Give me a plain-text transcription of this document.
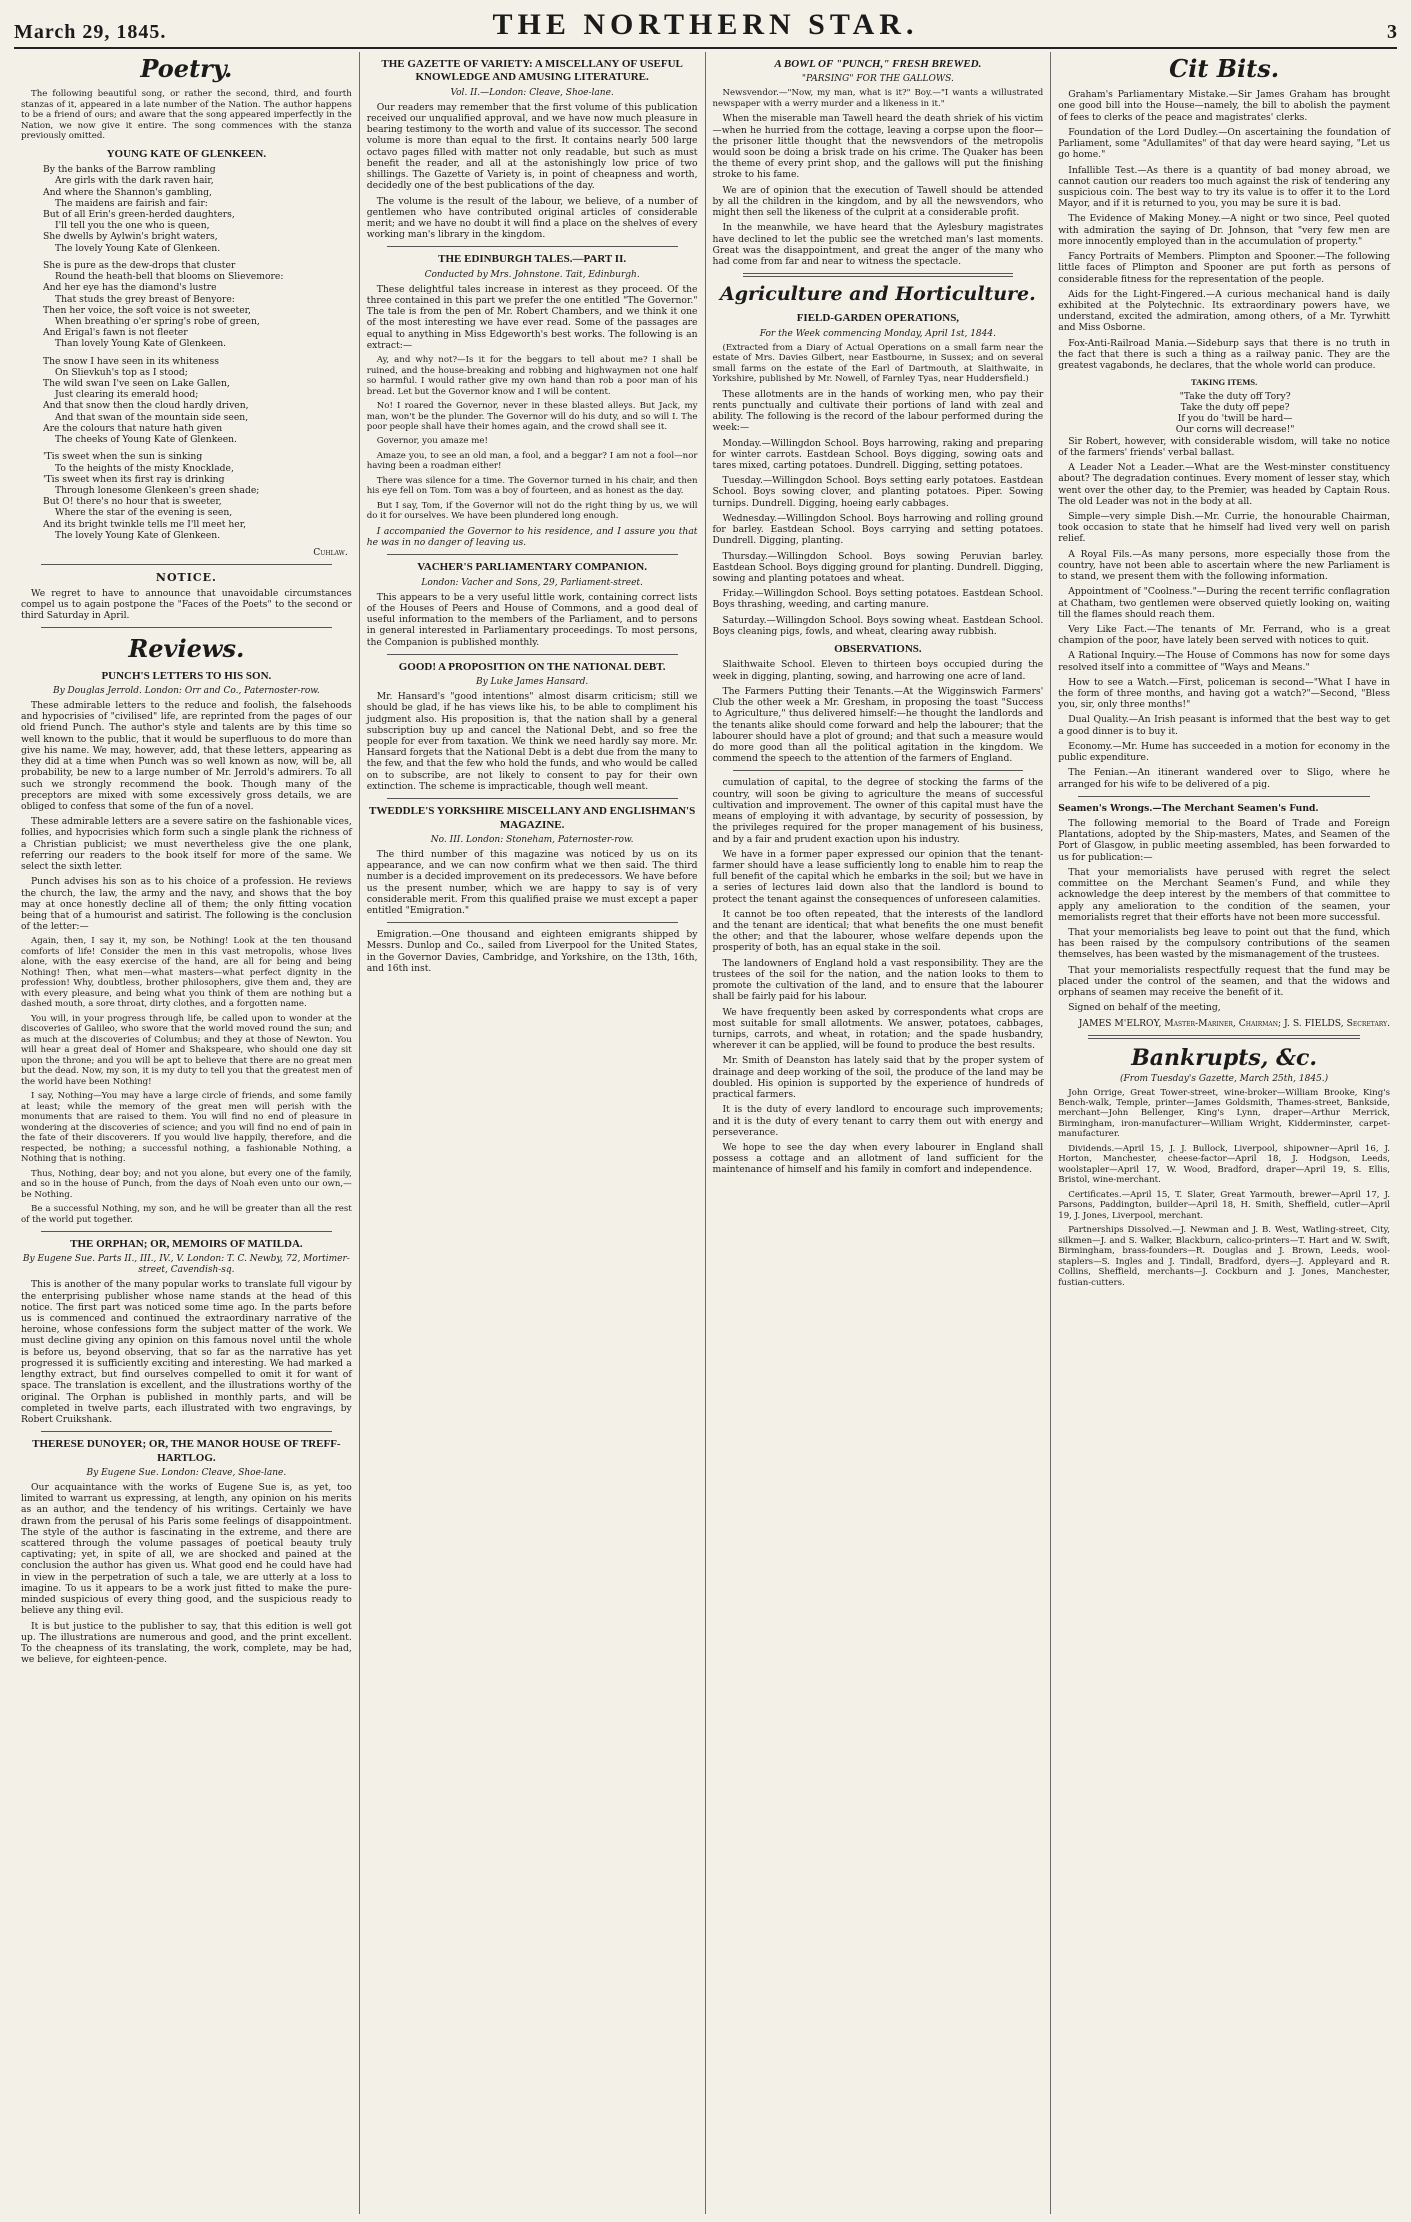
March 29, 1845.	THE NORTHERN STAR.	3
Poetry.

The following beautiful song, or rather the second, third, and fourth stanzas of it, appeared in a late number of the Nation. The author happens to be a friend of ours; and aware that the song appeared imperfectly in the Nation, we now give it entire. The song commences with the stanza previously omitted.

YOUNG KATE OF GLENKEEN.

By the banks of the Barrow rambling

Are girls with the dark raven hair,

And where the Shannon's gambling,

The maidens are fairish and fair:

But of all Erin's green-herded daughters,

I'll tell you the one who is queen,

She dwells by Aylwin's bright waters,

The lovely Young Kate of Glenkeen.

She is pure as the dew-drops that cluster

Round the heath-bell that blooms on Slievemore:

And her eye has the diamond's lustre

That studs the grey breast of Benyore:

Then her voice, the soft voice is not sweeter,

When breathing o'er spring's robe of green,

And Erigal's fawn is not fleeter

Than lovely Young Kate of Glenkeen.

The snow I have seen in its whiteness

On Slievkuh's top as I stood;

The wild swan I've seen on Lake Gallen,

Just clearing its emerald hood;

And that snow then the cloud hardly driven,

And that swan of the mountain side seen,

Are the colours that nature hath given

The cheeks of Young Kate of Glenkeen.

'Tis sweet when the sun is sinking

To the heights of the misty Knocklade,

'Tis sweet when its first ray is drinking

Through lonesome Glenkeen's green shade;

But O! there's no hour that is sweeter,

Where the star of the evening is seen,

And its bright twinkle tells me I'll meet her,

The lovely Young Kate of Glenkeen.

Cuhlaw.
NOTICE.

We regret to have to announce that unavoidable circumstances compel us to again postpone the "Faces of the Poets" to the second or third Saturday in April.

Reviews.
PUNCH'S LETTERS TO HIS SON.
By Douglas Jerrold. London: Orr and Co., Paternoster-row.

These admirable letters to the reduce and foolish, the falsehoods and hypocrisies of "civilised" life, are reprinted from the pages of our old friend Punch. The author's style and talents are by this time so well known to the public, that it would be superfluous to do more than give his name. We may, however, add, that these letters, appearing as they did at a time when Punch was so well known as now, will be, all probability, be new to a large number of Mr. Jerrold's admirers. To all such we strongly recommend the book. Though many of the preceptors are mixed with some excessively gross details, we are obliged to confess that some of the fun of a novel.

These admirable letters are a severe satire on the fashionable vices, follies, and hypocrisies which form such a single plank the richness of a Christian publicist; we must nevertheless give the one plank, referring our readers to the book itself for more of the same. We select the sixth letter.

Punch advises his son as to his choice of a profession. He reviews the church, the law, the army and the navy, and shows that the boy may at once honestly decline all of them; the only fitting vocation being that of a humourist and satirist. The following is the conclusion of the letter:—

Again, then, I say it, my son, be Nothing! Look at the ten thousand comforts of life! Consider the men in this vast metropolis, whose lives alone, with the easy exercise of the hand, are all for being and being Nothing! Then, what men—what masters—what perfect dignity in the profession! Why, doubtless, brother philosophers, give them and, they are with every pleasure, and being what you think of them are nothing but a dashed mouth, a sore throat, dirty clothes, and a forgotten name.

You will, in your progress through life, be called upon to wonder at the discoveries of Galileo, who swore that the world moved round the sun; and as much at the discoveries of Columbus; and they at those of Newton. You will hear a great deal of Homer and Shakspeare, who should one day sit upon the throne; and you will be apt to believe that there are no great men but the dead. Now, my son, it is my duty to tell you that the greatest men of the world have been Nothing!

I say, Nothing—You may have a large circle of friends, and some family at least; while the memory of the great men will perish with the monuments that are raised to them. You will find no end of pleasure in wondering at the discoveries of science; and you will find no end of pain in the fate of their discoverers. If you would live happily, therefore, and die respected, be nothing; a successful nothing, a fashionable Nothing, a Nothing that is nothing.

Thus, Nothing, dear boy; and not you alone, but every one of the family, and so in the house of Punch, from the days of Noah even unto our own,—be Nothing.

Be a successful Nothing, my son, and he will be greater than all the rest of the world put together.

THE ORPHAN; OR, MEMOIRS OF MATILDA.
By Eugene Sue. Parts II., III., IV., V. London: T. C. Newby, 72, Mortimer-street, Cavendish-sq.

This is another of the many popular works to translate full vigour by the enterprising publisher whose name stands at the head of this notice. The first part was noticed some time ago. In the parts before us is commenced and continued the extraordinary narrative of the heroine, whose confessions form the subject matter of the work. We must decline giving any opinion on this famous novel until the whole is before us, beyond observing, that so far as the narrative has yet progressed it is sufficiently exciting and interesting. We had marked a lengthy extract, but find ourselves compelled to omit it for want of space. The translation is excellent, and the illustrations worthy of the original. The Orphan is published in monthly parts, and will be completed in twelve parts, each illustrated with two engravings, by Robert Cruikshank.

THERESE DUNOYER; OR, THE MANOR HOUSE OF TREFF-HARTLOG.
By Eugene Sue. London: Cleave, Shoe-lane.

Our acquaintance with the works of Eugene Sue is, as yet, too limited to warrant us expressing, at length, any opinion on his merits as an author, and the tendency of his writings. Certainly we have drawn from the perusal of his Paris some feelings of disappointment. The style of the author is fascinating in the extreme, and there are scattered through the volume passages of poetical beauty truly captivating; yet, in spite of all, we are shocked and pained at the conclusion the author has given us. What good end he could have had in view in the perpetration of such a tale, we are utterly at a loss to imagine. To us it appears to be a work just fitted to make the pure-minded suspicious of every thing good, and the suspicious ready to believe any thing evil.

It is but justice to the publisher to say, that this edition is well got up. The illustrations are numerous and good, and the print excellent. To the cheapness of its translating, the work, complete, may be had, we believe, for eighteen-pence.

THE GAZETTE OF VARIETY: A MISCELLANY OF USEFUL KNOWLEDGE AND AMUSING LITERATURE.
Vol. II.—London: Cleave, Shoe-lane.

Our readers may remember that the first volume of this publication received our unqualified approval, and we have now much pleasure in bearing testimony to the worth and value of its successor. The second volume is more than equal to the first. It contains nearly 500 large octavo pages filled with matter not only readable, but such as must benefit the reader, and all at the astonishingly low price of two shillings. The Gazette of Variety is, in point of cheapness and worth, decidedly one of the best publications of the day.

The volume is the result of the labour, we believe, of a number of gentlemen who have contributed original articles of considerable merit; and we have no doubt it will find a place on the shelves of every working man's library in the kingdom.

THE EDINBURGH TALES.—PART II.
Conducted by Mrs. Johnstone. Tait, Edinburgh.

These delightful tales increase in interest as they proceed. Of the three contained in this part we prefer the one entitled "The Governor." The tale is from the pen of Mr. Robert Chambers, and we think it one of the most interesting we have ever read. Some of the passages are equal to anything in Miss Edgeworth's best works. The following is an extract:—

Ay, and why not?—Is it for the beggars to tell about me? I shall be ruined, and the house-breaking and robbing and highwaymen not one half so harmful. I would rather give my own hand than rob a poor man of his bread. Let but the Governor know and I will be content.

No! I roared the Governor, never in these blasted alleys. But Jack, my man, won't be the plunder. The Governor will do his duty, and so will I. The poor people shall have their homes again, and the crowd shall see it.

Governor, you amaze me!

Amaze you, to see an old man, a fool, and a beggar? I am not a fool—nor having been a roadman either!

There was silence for a time. The Governor turned in his chair, and then his eye fell on Tom. Tom was a boy of fourteen, and as honest as the day.

But I say, Tom, if the Governor will not do the right thing by us, we will do it for ourselves. We have been plundered long enough.

I accompanied the Governor to his residence, and I assure you that he was in no danger of leaving us.

VACHER'S PARLIAMENTARY COMPANION.
London: Vacher and Sons, 29, Parliament-street.

This appears to be a very useful little work, containing correct lists of the Houses of Peers and House of Commons, and a good deal of useful information to the members of the Parliament, and to persons in general interested in Parliamentary proceedings. To most persons, the Companion is published monthly.

GOOD! A PROPOSITION ON THE NATIONAL DEBT.
By Luke James Hansard.

Mr. Hansard's "good intentions" almost disarm criticism; still we should be glad, if he has views like his, to be able to compliment his judgment also. His proposition is, that the nation shall by a general subscription buy up and cancel the National Debt, and so free the people for ever from taxation. We think we need hardly say more. Mr. Hansard forgets that the National Debt is a debt due from the many to the few, and that the few who hold the funds, and who would be called on to subscribe, are not likely to consent to pay for their own extinction. The scheme is impracticable, though well meant.

TWEDDLE'S YORKSHIRE MISCELLANY AND ENGLISHMAN'S MAGAZINE.
No. III. London: Stoneham, Paternoster-row.

The third number of this magazine was noticed by us on its appearance, and we can now confirm what we then said. The third number is a decided improvement on its predecessors. We have before us the present number, which we are happy to say is of very considerable merit. From this qualified praise we must except a paper entitled "Emigration."

Emigration.—One thousand and eighteen emigrants shipped by Messrs. Dunlop and Co., sailed from Liverpool for the United States, in the Governor Davies, Cambridge, and Yorkshire, on the 13th, 16th, and 16th inst.

A BOWL OF "PUNCH," FRESH BREWED.
"PARSING" FOR THE GALLOWS.

Newsvendor.—"Now, my man, what is it?" Boy.—"I wants a willustrated newspaper with a werry murder and a likeness in it."

When the miserable man Tawell heard the death shriek of his victim—when he hurried from the cottage, leaving a corpse upon the floor—the prisoner little thought that the newsvendors of the metropolis would soon be doing a brisk trade on his crime. The Quaker has been the theme of every print shop, and the gallows will put the finishing stroke to his fame.

We are of opinion that the execution of Tawell should be attended by all the children in the kingdom, and by all the newsvendors, who might then sell the likeness of the culprit at a considerable profit.

In the meanwhile, we have heard that the Aylesbury magistrates have declined to let the public see the wretched man's last moments. Great was the disappointment, and great the anger of the many who had come from far and near to witness the spectacle.

Agriculture and Horticulture.
FIELD-GARDEN OPERATIONS,
For the Week commencing Monday, April 1st, 1844.

(Extracted from a Diary of Actual Operations on a small farm near the estate of Mrs. Davies Gilbert, near Eastbourne, in Sussex; and on several small farms on the estate of the Earl of Dartmouth, at Slaithwaite, in Yorkshire, published by Mr. Nowell, of Farnley Tyas, near Huddersfield.)

These allotments are in the hands of working men, who pay their rents punctually and cultivate their portions of land with zeal and ability. The following is the record of the labour performed during the week:—

Monday.—Willingdon School. Boys harrowing, raking and preparing for winter carrots. Eastdean School. Boys digging, sowing oats and tares mixed, carting potatoes. Dundrell. Digging, setting potatoes.

Tuesday.—Willingdon School. Boys setting early potatoes. Eastdean School. Boys sowing clover, and planting potatoes. Piper. Sowing turnips. Dundrell. Digging, hoeing early cabbages.

Wednesday.—Willingdon School. Boys harrowing and rolling ground for barley. Eastdean School. Boys carrying and setting potatoes. Dundrell. Digging, planting.

Thursday.—Willingdon School. Boys sowing Peruvian barley. Eastdean School. Boys digging ground for planting. Dundrell. Digging, sowing and planting potatoes and wheat.

Friday.—Willingdon School. Boys setting potatoes. Eastdean School. Boys thrashing, weeding, and carting manure.

Saturday.—Willingdon School. Boys sowing wheat. Eastdean School. Boys cleaning pigs, fowls, and wheat, clearing away rubbish.

OBSERVATIONS.

Slaithwaite School. Eleven to thirteen boys occupied during the week in digging, planting, sowing, and harrowing one acre of land.

The Farmers Putting their Tenants.—At the Wigginswich Farmers' Club the other week a Mr. Gresham, in proposing the toast "Success to Agriculture," thus delivered himself:—he thought the landlords and the tenants alike should come forward and help the labourer; that the labourer should have a plot of ground; and that such a measure would do more good than all the political agitation in the kingdom. We commend the speech to the attention of the farmers of England.

cumulation of capital, to the degree of stocking the farms of the country, will soon be giving to agriculture the means of successful cultivation and improvement. The owner of this capital must have the means of employing it with advantage, by security of possession, by the privileges required for the proper management of his business, and by a fair and prudent exaction upon his industry.

We have in a former paper expressed our opinion that the tenant-farmer should have a lease sufficiently long to enable him to reap the full benefit of the capital which he embarks in the soil; but we have in a series of lectures laid down also that the landlord is bound to protect the tenant against the consequences of unforeseen calamities.

It cannot be too often repeated, that the interests of the landlord and the tenant are identical; that what benefits the one must benefit the other; and that the labourer, whose welfare depends upon the prosperity of both, has an equal stake in the soil.

The landowners of England hold a vast responsibility. They are the trustees of the soil for the nation, and the nation looks to them to promote the cultivation of the land, and to ensure that the labourer shall be fairly paid for his labour.

We have frequently been asked by correspondents what crops are most suitable for small allotments. We answer, potatoes, cabbages, turnips, carrots, and wheat, in rotation; and the spade husbandry, wherever it can be applied, will be found to produce the best results.

Mr. Smith of Deanston has lately said that by the proper system of drainage and deep working of the soil, the produce of the land may be doubled. His opinion is supported by the experience of hundreds of practical farmers.

It is the duty of every landlord to encourage such improvements; and it is the duty of every tenant to carry them out with energy and perseverance.

We hope to see the day when every labourer in England shall possess a cottage and an allotment of land sufficient for the maintenance of himself and his family in comfort and independence.

Cit Bits.

Graham's Parliamentary Mistake.—Sir James Graham has brought one good bill into the House—namely, the bill to abolish the payment of fees to clerks of the peace and magistrates' clerks.

Foundation of the Lord Dudley.—On ascertaining the foundation of Parliament, some "Adullamites" of that day were heard saying, "Let us go home."

Infallible Test.—As there is a quantity of bad money abroad, we cannot caution our readers too much against the risk of tendering any suspicious coin. The best way to try its value is to offer it to the Lord Mayor, and if it is returned to you, you may be sure it is bad.

The Evidence of Making Money.—A night or two since, Peel quoted with admiration the saying of Dr. Johnson, that "very few men are more innocently employed than in the accumulation of property."

Fancy Portraits of Members. Plimpton and Spooner.—The following little faces of Plimpton and Spooner are put forth as persons of considerable fitness for the representation of the people.

Aids for the Light-Fingered.—A curious mechanical hand is daily exhibited at the Polytechnic. Its extraordinary powers have, we understand, excited the admiration, among others, of a Mr. Tyrwhitt and Miss Osborne.

Fox-Anti-Railroad Mania.—Sideburp says that there is no truth in the fact that there is such a thing as a railway panic. They are the greatest vagabonds, he declares, that the whole world can produce.

TAKING ITEMS.

"Take the duty off Tory?

Take the duty off pepe?

If you do 'twill be hard—

Our corns will decrease!"

Sir Robert, however, with considerable wisdom, will take no notice of the farmers' friends' verbal ballast.

A Leader Not a Leader.—What are the West-minster constituency about? The degradation continues. Every moment of lesser stay, which went over the other day, to the Premier, was headed by Captain Rous. The old Leader was not in the body at all.

Simple—very simple Dish.—Mr. Currie, the honourable Chairman, took occasion to state that he himself had lived very well on parish relief.

A Royal Fils.—As many persons, more especially those from the country, have not been able to ascertain where the new Parliament is to stand, we present them with the following information.

Appointment of "Coolness."—During the recent terrific conflagration at Chatham, two gentlemen were observed quietly looking on, waiting till the flames should reach them.

Very Like Fact.—The tenants of Mr. Ferrand, who is a great champion of the poor, have lately been served with notices to quit.

A Rational Inquiry.—The House of Commons has now for some days resolved itself into a committee of "Ways and Means."

How to see a Watch.—First, policeman is second—"What I have in the form of three months, and having got a watch?"—Second, "Bless you, sir, only three months!"

Dual Quality.—An Irish peasant is informed that the best way to get a good dinner is to buy it.

Economy.—Mr. Hume has succeeded in a motion for economy in the public expenditure.

The Fenian.—An itinerant wandered over to Sligo, where he arranged for his wife to be delivered of a pig.

Seamen's Wrongs.—The Merchant Seamen's Fund.

The following memorial to the Board of Trade and Foreign Plantations, adopted by the Ship-masters, Mates, and Seamen of the Port of Glasgow, in public meeting assembled, has been forwarded to us for publication:—

That your memorialists have perused with regret the select committee on the Merchant Seamen's Fund, and while they acknowledge the deep interest by the members of that committee to apply any amelioration to the condition of the seamen, your memorialists regret that their efforts have not been more successful.

That your memorialists beg leave to point out that the fund, which has been raised by the compulsory contributions of the seamen themselves, has been wasted by the mismanagement of the trustees.

That your memorialists respectfully request that the fund may be placed under the control of the seamen, and that the widows and orphans of seamen may receive the benefit of it.

Signed on behalf of the meeting,

JAMES M'ELROY, Master-Mariner, Chairman; J. S. FIELDS, Secretary.

Bankrupts, &c.
(From Tuesday's Gazette, March 25th, 1845.)

John Orrige, Great Tower-street, wine-broker—William Brooke, King's Bench-walk, Temple, printer—James Goldsmith, Thames-street, Bankside, merchant—John Bellenger, King's Lynn, draper—Arthur Merrick, Birmingham, iron-manufacturer—William Wright, Kidderminster, carpet-manufacturer.

Dividends.—April 15, J. J. Bullock, Liverpool, shipowner—April 16, J. Horton, Manchester, cheese-factor—April 18, J. Hodgson, Leeds, woolstapler—April 17, W. Wood, Bradford, draper—April 19, S. Ellis, Bristol, wine-merchant.

Certificates.—April 15, T. Slater, Great Yarmouth, brewer—April 17, J. Parsons, Paddington, builder—April 18, H. Smith, Sheffield, cutler—April 19, J. Jones, Liverpool, merchant.

Partnerships Dissolved.—J. Newman and J. B. West, Watling-street, City, silkmen—J. and S. Walker, Blackburn, calico-printers—T. Hart and W. Swift, Birmingham, brass-founders—R. Douglas and J. Brown, Leeds, wool-staplers—S. Ingles and J. Tindall, Bradford, dyers—J. Appleyard and R. Collins, Sheffield, merchants—J. Cockburn and J. Jones, Manchester, fustian-cutters.
